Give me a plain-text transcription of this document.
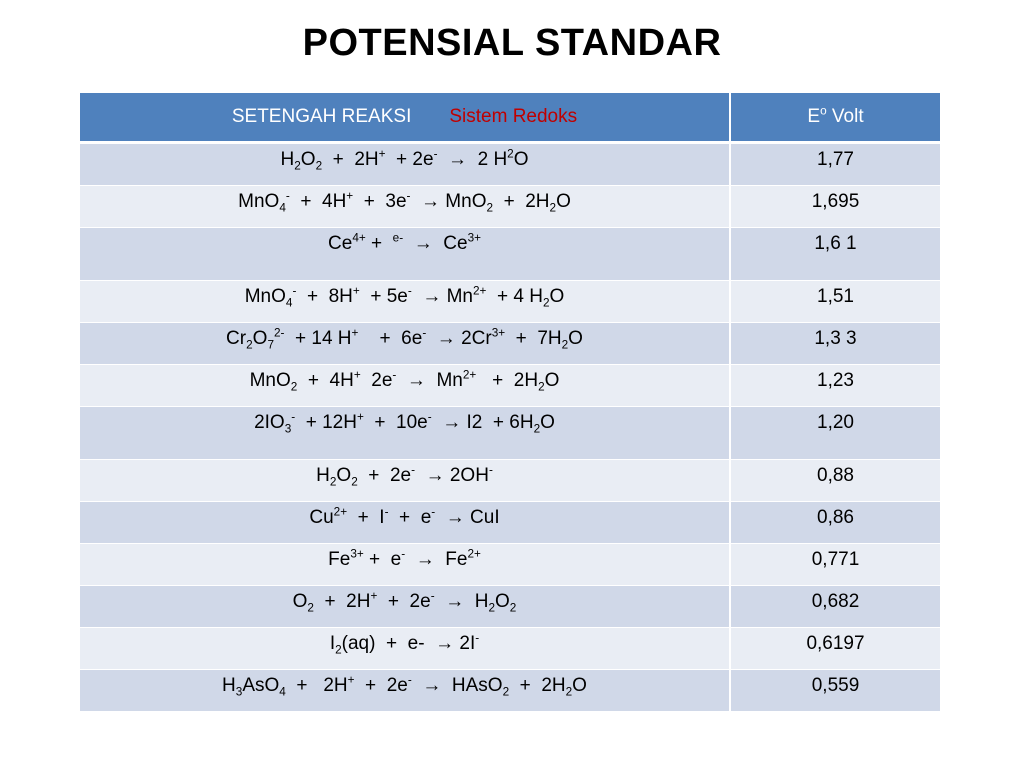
POTENSIAL STANDAR
SETENGAH REAKSI Sistem Redoks	$E^o$ Volt
$H_2O_2 + 2H^+ + 2e^- \to 2$ $H^2O$	1,77
$MnO_4^- + 4H^+ + 3e^- \to MnO_2 + 2H_2O$	1,695
$Ce^{4+} + ^{e-} \to Ce^{3+}$	1,6 1
$MnO_4^- + 8H^+ + 5e^- \to Mn^{2+} + 4$ $H_2O$	1,51
$Cr_2O_7^{2-} + 14$ H+    +  $6e^- \to 2Cr^{3+} + 7H_2O$	1,3 3
MnO$_2$  +  4H+  $2e^- \to Mn^{2+} + 2H_2O$	1,23
$2IO_3^- + 12H^+ + 10e^- \to I2 + 6H_2O$	1,20
$H_2O_2 + 2e^- \to 2OH^-$	0,88
$Cu^{2+} + I^- + e^-$ → CuI	0,86
$Fe^{3+} + e^- \to Fe^{2+}$	0,771
$O_2 + 2H^+ + 2e^- \to H_2O_2$	0,682
$I_2(aq) + e- \to 2I^-$	0,6197
$H_3AsO_4 + 2H^+ + 2e^-$ →  HAsO$_2$  +  $2H_2O$	0,559
